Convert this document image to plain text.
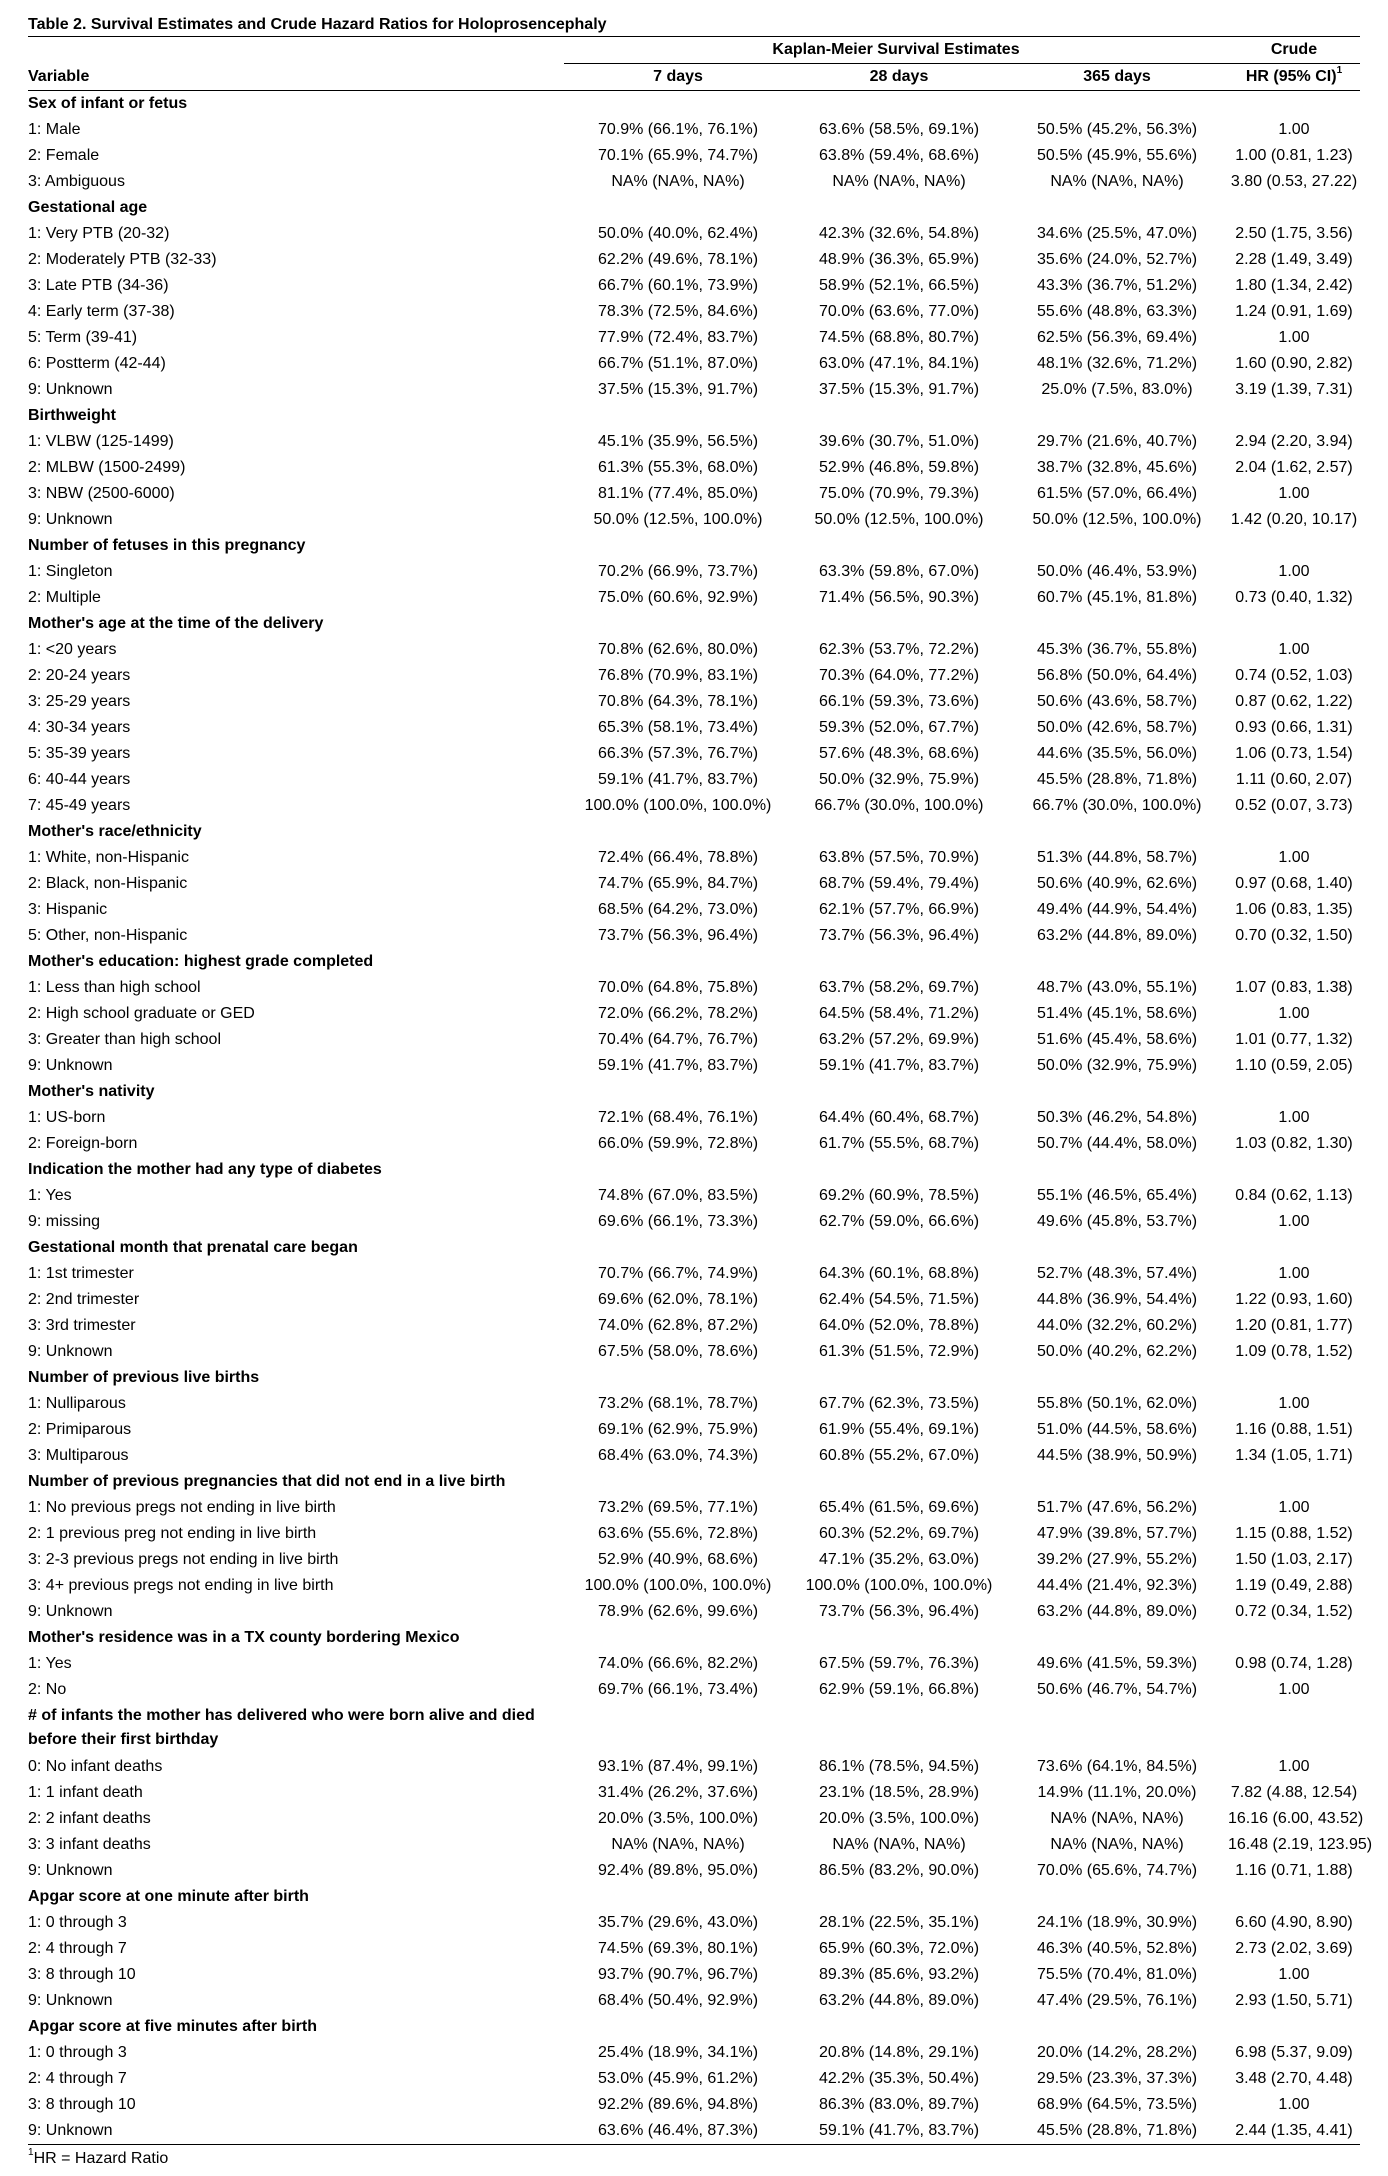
Table 2. Survival Estimates and Crude Hazard Ratios for Holoprosencephaly
	Kaplan-Meier Survival Estimates			Crude
Variable	7 days	28 days	365 days	HR (95% CI)$^1$
Sex of infant or fetus				
1: Male	70.9% (66.1%, 76.1%)	63.6% (58.5%, 69.1%)	50.5% (45.2%, 56.3%)	1.00
2: Female	70.1% (65.9%, 74.7%)	63.8% (59.4%, 68.6%)	50.5% (45.9%, 55.6%)	1.00 (0.81, 1.23)
3: Ambiguous	NA% (NA%, NA%)	NA% (NA%, NA%)	NA% (NA%, NA%)	3.80 (0.53, 27.22)
Gestational age				
1: Very PTB (20-32)	50.0% (40.0%, 62.4%)	42.3% (32.6%, 54.8%)	34.6% (25.5%, 47.0%)	2.50 (1.75, 3.56)
2: Moderately PTB (32-33)	62.2% (49.6%, 78.1%)	48.9% (36.3%, 65.9%)	35.6% (24.0%, 52.7%)	2.28 (1.49, 3.49)
3: Late PTB (34-36)	66.7% (60.1%, 73.9%)	58.9% (52.1%, 66.5%)	43.3% (36.7%, 51.2%)	1.80 (1.34, 2.42)
4: Early term (37-38)	78.3% (72.5%, 84.6%)	70.0% (63.6%, 77.0%)	55.6% (48.8%, 63.3%)	1.24 (0.91, 1.69)
5: Term (39-41)	77.9% (72.4%, 83.7%)	74.5% (68.8%, 80.7%)	62.5% (56.3%, 69.4%)	1.00
6: Postterm (42-44)	66.7% (51.1%, 87.0%)	63.0% (47.1%, 84.1%)	48.1% (32.6%, 71.2%)	1.60 (0.90, 2.82)
9: Unknown	37.5% (15.3%, 91.7%)	37.5% (15.3%, 91.7%)	25.0% (7.5%, 83.0%)	3.19 (1.39, 7.31)
Birthweight				
1: VLBW (125-1499)	45.1% (35.9%, 56.5%)	39.6% (30.7%, 51.0%)	29.7% (21.6%, 40.7%)	2.94 (2.20, 3.94)
2: MLBW (1500-2499)	61.3% (55.3%, 68.0%)	52.9% (46.8%, 59.8%)	38.7% (32.8%, 45.6%)	2.04 (1.62, 2.57)
3: NBW (2500-6000)	81.1% (77.4%, 85.0%)	75.0% (70.9%, 79.3%)	61.5% (57.0%, 66.4%)	1.00
9: Unknown	50.0% (12.5%, 100.0%)	50.0% (12.5%, 100.0%)	50.0% (12.5%, 100.0%)	1.42 (0.20, 10.17)
Number of fetuses in this pregnancy				
1: Singleton	70.2% (66.9%, 73.7%)	63.3% (59.8%, 67.0%)	50.0% (46.4%, 53.9%)	1.00
2: Multiple	75.0% (60.6%, 92.9%)	71.4% (56.5%, 90.3%)	60.7% (45.1%, 81.8%)	0.73 (0.40, 1.32)
Mother's age at the time of the delivery				
1: <20 years	70.8% (62.6%, 80.0%)	62.3% (53.7%, 72.2%)	45.3% (36.7%, 55.8%)	1.00
2: 20-24 years	76.8% (70.9%, 83.1%)	70.3% (64.0%, 77.2%)	56.8% (50.0%, 64.4%)	0.74 (0.52, 1.03)
3: 25-29 years	70.8% (64.3%, 78.1%)	66.1% (59.3%, 73.6%)	50.6% (43.6%, 58.7%)	0.87 (0.62, 1.22)
4: 30-34 years	65.3% (58.1%, 73.4%)	59.3% (52.0%, 67.7%)	50.0% (42.6%, 58.7%)	0.93 (0.66, 1.31)
5: 35-39 years	66.3% (57.3%, 76.7%)	57.6% (48.3%, 68.6%)	44.6% (35.5%, 56.0%)	1.06 (0.73, 1.54)
6: 40-44 years	59.1% (41.7%, 83.7%)	50.0% (32.9%, 75.9%)	45.5% (28.8%, 71.8%)	1.11 (0.60, 2.07)
7: 45-49 years	100.0% (100.0%, 100.0%)	66.7% (30.0%, 100.0%)	66.7% (30.0%, 100.0%)	0.52 (0.07, 3.73)
Mother's race/ethnicity				
1: White, non-Hispanic	72.4% (66.4%, 78.8%)	63.8% (57.5%, 70.9%)	51.3% (44.8%, 58.7%)	1.00
2: Black, non-Hispanic	74.7% (65.9%, 84.7%)	68.7% (59.4%, 79.4%)	50.6% (40.9%, 62.6%)	0.97 (0.68, 1.40)
3: Hispanic	68.5% (64.2%, 73.0%)	62.1% (57.7%, 66.9%)	49.4% (44.9%, 54.4%)	1.06 (0.83, 1.35)
5: Other, non-Hispanic	73.7% (56.3%, 96.4%)	73.7% (56.3%, 96.4%)	63.2% (44.8%, 89.0%)	0.70 (0.32, 1.50)
Mother's education: highest grade completed				
1: Less than high school	70.0% (64.8%, 75.8%)	63.7% (58.2%, 69.7%)	48.7% (43.0%, 55.1%)	1.07 (0.83, 1.38)
2: High school graduate or GED	72.0% (66.2%, 78.2%)	64.5% (58.4%, 71.2%)	51.4% (45.1%, 58.6%)	1.00
3: Greater than high school	70.4% (64.7%, 76.7%)	63.2% (57.2%, 69.9%)	51.6% (45.4%, 58.6%)	1.01 (0.77, 1.32)
9: Unknown	59.1% (41.7%, 83.7%)	59.1% (41.7%, 83.7%)	50.0% (32.9%, 75.9%)	1.10 (0.59, 2.05)
Mother's nativity				
1: US-born	72.1% (68.4%, 76.1%)	64.4% (60.4%, 68.7%)	50.3% (46.2%, 54.8%)	1.00
2: Foreign-born	66.0% (59.9%, 72.8%)	61.7% (55.5%, 68.7%)	50.7% (44.4%, 58.0%)	1.03 (0.82, 1.30)
Indication the mother had any type of diabetes				
1: Yes	74.8% (67.0%, 83.5%)	69.2% (60.9%, 78.5%)	55.1% (46.5%, 65.4%)	0.84 (0.62, 1.13)
9: missing	69.6% (66.1%, 73.3%)	62.7% (59.0%, 66.6%)	49.6% (45.8%, 53.7%)	1.00
Gestational month that prenatal care began				
1: 1st trimester	70.7% (66.7%, 74.9%)	64.3% (60.1%, 68.8%)	52.7% (48.3%, 57.4%)	1.00
2: 2nd trimester	69.6% (62.0%, 78.1%)	62.4% (54.5%, 71.5%)	44.8% (36.9%, 54.4%)	1.22 (0.93, 1.60)
3: 3rd trimester	74.0% (62.8%, 87.2%)	64.0% (52.0%, 78.8%)	44.0% (32.2%, 60.2%)	1.20 (0.81, 1.77)
9: Unknown	67.5% (58.0%, 78.6%)	61.3% (51.5%, 72.9%)	50.0% (40.2%, 62.2%)	1.09 (0.78, 1.52)
Number of previous live births				
1: Nulliparous	73.2% (68.1%, 78.7%)	67.7% (62.3%, 73.5%)	55.8% (50.1%, 62.0%)	1.00
2: Primiparous	69.1% (62.9%, 75.9%)	61.9% (55.4%, 69.1%)	51.0% (44.5%, 58.6%)	1.16 (0.88, 1.51)
3: Multiparous	68.4% (63.0%, 74.3%)	60.8% (55.2%, 67.0%)	44.5% (38.9%, 50.9%)	1.34 (1.05, 1.71)
Number of previous pregnancies that did not end in a live birth				
1: No previous pregs not ending in live birth	73.2% (69.5%, 77.1%)	65.4% (61.5%, 69.6%)	51.7% (47.6%, 56.2%)	1.00
2: 1 previous preg not ending in live birth	63.6% (55.6%, 72.8%)	60.3% (52.2%, 69.7%)	47.9% (39.8%, 57.7%)	1.15 (0.88, 1.52)
3: 2-3 previous pregs not ending in live birth	52.9% (40.9%, 68.6%)	47.1% (35.2%, 63.0%)	39.2% (27.9%, 55.2%)	1.50 (1.03, 2.17)
3: 4+ previous pregs not ending in live birth	100.0% (100.0%, 100.0%)	100.0% (100.0%, 100.0%)	44.4% (21.4%, 92.3%)	1.19 (0.49, 2.88)
9: Unknown	78.9% (62.6%, 99.6%)	73.7% (56.3%, 96.4%)	63.2% (44.8%, 89.0%)	0.72 (0.34, 1.52)
Mother's residence was in a TX county bordering Mexico				
1: Yes	74.0% (66.6%, 82.2%)	67.5% (59.7%, 76.3%)	49.6% (41.5%, 59.3%)	0.98 (0.74, 1.28)
2: No	69.7% (66.1%, 73.4%)	62.9% (59.1%, 66.8%)	50.6% (46.7%, 54.7%)	1.00
# of infants the mother has delivered who were born alive and died before their first birthday				
0: No infant deaths	93.1% (87.4%, 99.1%)	86.1% (78.5%, 94.5%)	73.6% (64.1%, 84.5%)	1.00
1: 1 infant death	31.4% (26.2%, 37.6%)	23.1% (18.5%, 28.9%)	14.9% (11.1%, 20.0%)	7.82 (4.88, 12.54)
2: 2 infant deaths	20.0% (3.5%, 100.0%)	20.0% (3.5%, 100.0%)	NA% (NA%, NA%)	16.16 (6.00, 43.52)
3: 3 infant deaths	NA% (NA%, NA%)	NA% (NA%, NA%)	NA% (NA%, NA%)	16.48 (2.19, 123.95)
9: Unknown	92.4% (89.8%, 95.0%)	86.5% (83.2%, 90.0%)	70.0% (65.6%, 74.7%)	1.16 (0.71, 1.88)
Apgar score at one minute after birth				
1: 0 through 3	35.7% (29.6%, 43.0%)	28.1% (22.5%, 35.1%)	24.1% (18.9%, 30.9%)	6.60 (4.90, 8.90)
2: 4 through 7	74.5% (69.3%, 80.1%)	65.9% (60.3%, 72.0%)	46.3% (40.5%, 52.8%)	2.73 (2.02, 3.69)
3: 8 through 10	93.7% (90.7%, 96.7%)	89.3% (85.6%, 93.2%)	75.5% (70.4%, 81.0%)	1.00
9: Unknown	68.4% (50.4%, 92.9%)	63.2% (44.8%, 89.0%)	47.4% (29.5%, 76.1%)	2.93 (1.50, 5.71)
Apgar score at five minutes after birth				
1: 0 through 3	25.4% (18.9%, 34.1%)	20.8% (14.8%, 29.1%)	20.0% (14.2%, 28.2%)	6.98 (5.37, 9.09)
2: 4 through 7	53.0% (45.9%, 61.2%)	42.2% (35.3%, 50.4%)	29.5% (23.3%, 37.3%)	3.48 (2.70, 4.48)
3: 8 through 10	92.2% (89.6%, 94.8%)	86.3% (83.0%, 89.7%)	68.9% (64.5%, 73.5%)	1.00
9: Unknown	63.6% (46.4%, 87.3%)	59.1% (41.7%, 83.7%)	45.5% (28.8%, 71.8%)	2.44 (1.35, 4.41)
$^1$HR = Hazard Ratio
